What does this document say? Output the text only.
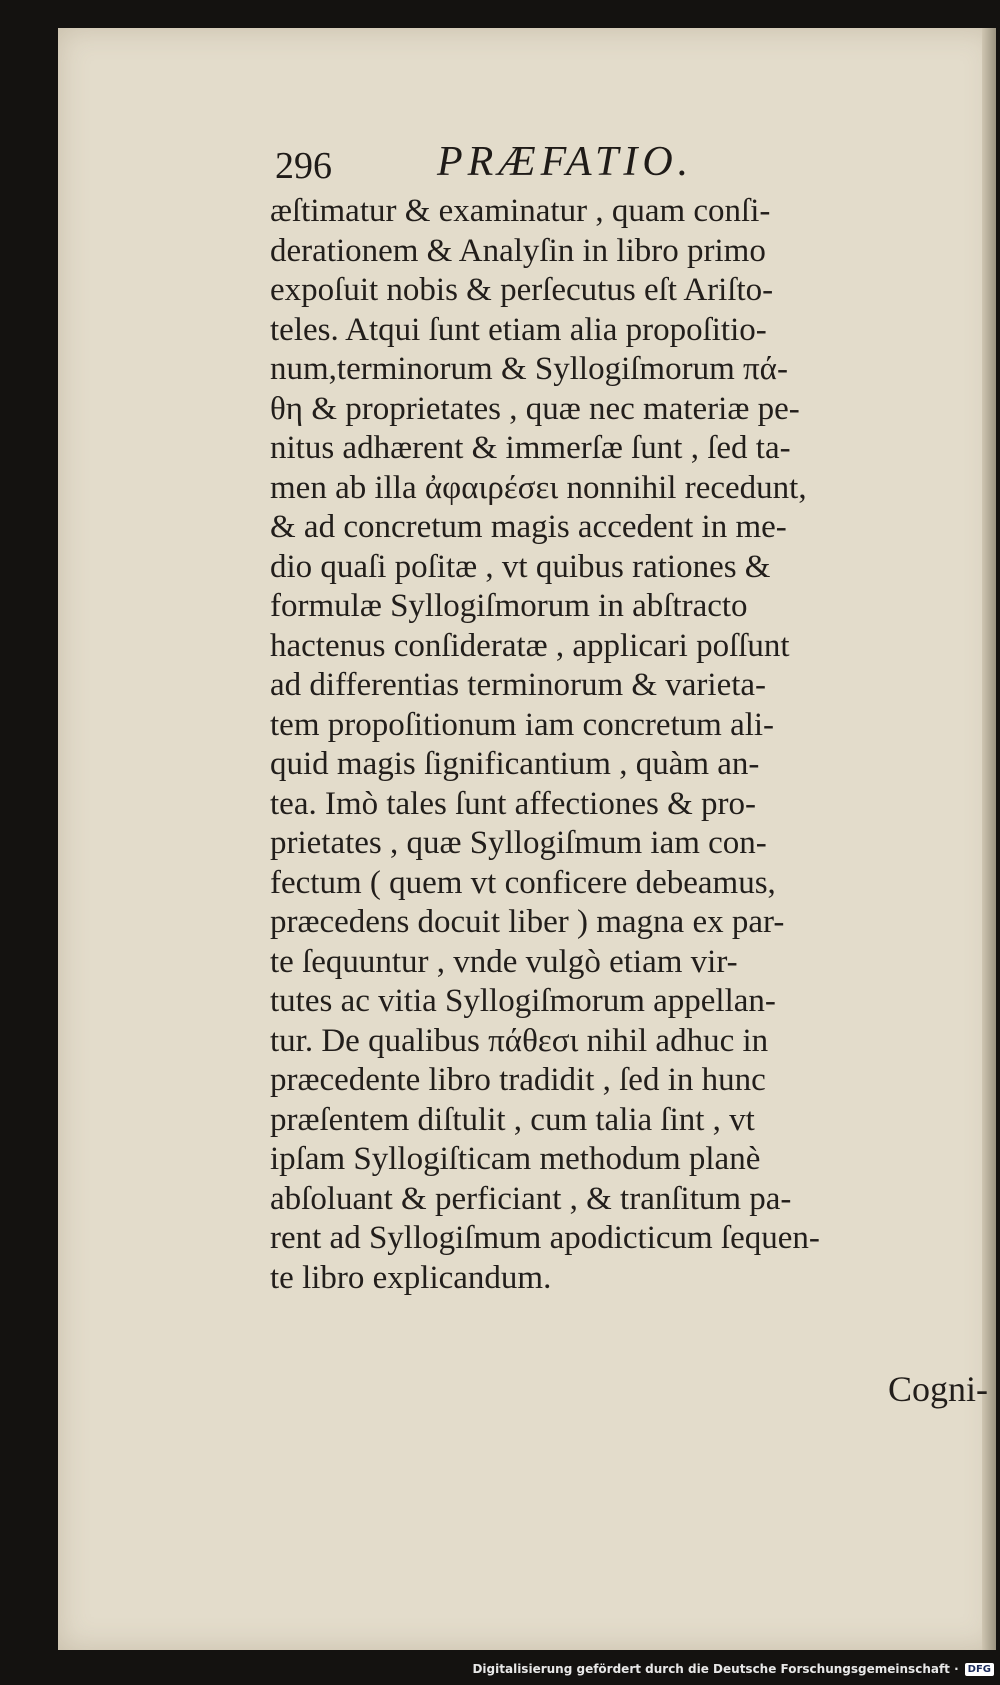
296	PRÆFATIO.
æſtimatur & examinatur , quam conſi-
derationem & Analyſin in libro primo
expoſuit nobis & perſecutus eſt Ariſto-
teles. Atqui ſunt etiam alia propoſitio-
num,terminorum & Syllogiſmorum πά-
θη & proprietates , quæ nec materiæ pe-
nitus adhærent & immerſæ ſunt , ſed ta-
men ab illa ἀφαιρέσει nonnihil recedunt,
& ad concretum magis accedent in me-
dio quaſi poſitæ , vt quibus rationes &
formulæ Syllogiſmorum in abſtracto
hactenus conſideratæ , applicari poſſunt
ad differentias terminorum & varieta-
tem propoſitionum iam concretum ali-
quid magis ſignificantium , quàm an-
tea. Imò tales ſunt affectiones & pro-
prietates , quæ Syllogiſmum iam con-
fectum ( quem vt conficere debeamus,
præcedens docuit liber ) magna ex par-
te ſequuntur , vnde vulgò etiam vir-
tutes ac vitia Syllogiſmorum appellan-
tur. De qualibus πάθεσι nihil adhuc in
præcedente libro tradidit , ſed in hunc
præſentem diſtulit , cum talia ſint , vt
ipſam Syllogiſticam methodum planè
abſoluant & perficiant , & tranſitum pa-
rent ad Syllogiſmum apodicticum ſequen-
te libro explicandum.
Cogni-
Digitalisierung gefördert durch die Deutsche Forschungsgemeinschaft · DFG
